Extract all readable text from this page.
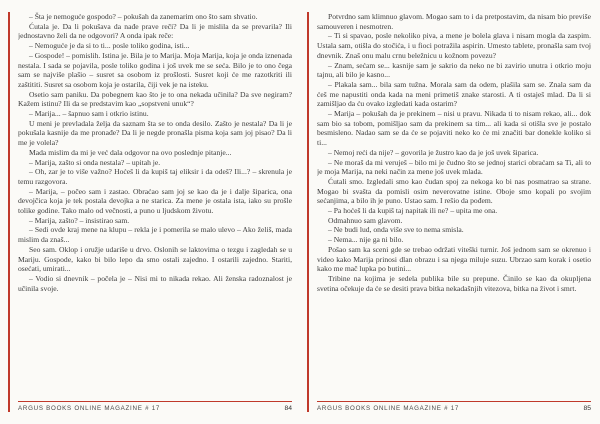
– Šta je nemoguće gospodo? – pokušah da zanemarim ono što sam shvatio.

Ćutala je. Da li pokušava da nađe prave reči? Da li je mislila da se prevarila? Ili jednostavno želi da ne odgovori? A onda ipak reče:

– Nemoguće je da si to ti... posle toliko godina, isti...

– Gospode! – pomislih. Istina je. Bila je to Marija. Moja Marija, koja je onda iznenada nestala. I sada se pojavila, posle toliko godina i još uvek me se seća. Bilo je to ono čega sam se najviše plašio – susret sa osobom iz prošlosti. Susret koji će me razotkriti ili zaštititi. Susret sa osobom koja je ostarila, čiji vek je na isteku.

Osetio sam paniku. Da pobegnem kao što je to ona nekada učinila? Da sve negiram? Kažem istinu? Ili da se predstavim kao „sopstveni unuk“?

– Marija... – šapnuo sam i otkrio istinu.

U meni je prevladala želja da saznam šta se to onda desilo. Zašto je nestala? Da li je pokušala kasnije da me pronađe? Da li je negde pronašla pisma koja sam joj pisao? Da li me je volela?

Mada mislim da mi je već dala odgovor na ovo poslednje pitanje...

– Marija, zašto si onda nestala? – upitah je.

– Oh, zar je to više važno? Hoćeš li da kupiš taj eliksir i da odeš? Ili...? – skrenula je temu razgovora.

– Marija, – počeo sam i zastao. Obraćao sam joj se kao da je i dalje šiparica, ona devojčica koja je tek postala devojka a ne starica. Za mene je ostala ista, iako su prošle tolike godine. Tako malo od večnosti, a puno u ljudskom životu.

– Marija, zašto? – insistirao sam.

– Sedi ovde kraj mene na klupu – rekla je i pomerila se malo ulevo – Ako želiš, mada mislim da znaš...

Seo sam. Oklop i oružje udariše u drvo. Oslonih se laktovima o tezgu i zagledah se u Mariju. Gospode, kako bi bilo lepo da smo ostali zajedno. I ostarili zajedno. Stariti, osećati, umirati...

– Vodio si dnevnik – počela je – Nisi mi to nikada rekao. Ali ženska radoznalost je učinila svoje.

ARGUS BOOKS ONLINE MAGAZINE # 17	84

Potvrdno sam klimnuo glavom. Mogao sam to i da pretpostavim, da nisam bio previše samouveren i nesmotren.

– Ti si spavao, posle nekoliko piva, a mene je bolela glava i nisam mogla da zaspim. Ustala sam, otišla do stočića, i u fioci potražila aspirin. Umesto tablete, pronašla sam tvoj dnevnik. Znaš onu malu crnu beležnicu u kožnom povezu?

– Znam, sećam se... kasnije sam je sakrio da neko ne bi zavirio unutra i otkrio moju tajnu, ali bilo je kasno...

– Plakala sam... bila sam tužna. Morala sam da odem, plašila sam se. Znala sam da ćeš me napustiti onda kada na meni primetiš znake starosti. A ti ostaješ mlad. Da li si zamišljao da ću ovako izgledati kada ostarim?

– Marija – pokušah da je prekinem – nisi u pravu. Nikada ti to nisam rekao, ali... dok sam bio sa tobom, pomišljao sam da prekinem sa tim... ali kada si otišla sve je postalo besmisleno. Nadao sam se da će se pojaviti neko ko će mi značiti bar donekle koliko si ti...

– Nemoj reći da nije? – govorila je žustro kao da je još uvek šiparica.

– Ne moraš da mi veruješ – bilo mi je čudno što se jednoj starici obraćam sa Ti, ali to je moja Marija, na neki način za mene još uvek mlada.

Ćutali smo. Izgledali smo kao čudan spoj za nekoga ko bi nas posmatrao sa strane. Mogao bi svašta da pomisli osim neverovatne istine. Oboje smo kopali po svojim sećanjima, a bilo ih je puno. Ustao sam. I rešio da pođem.

– Pa hoćeš li da kupiš taj napitak ili ne? – upita me ona.

Odmahnuo sam glavom.

– Ne budi lud, onda više sve to nema smisla.

– Nema... nije ga ni bilo.

Pošao sam ka sceni gde se trebao održati viteški turnir. Još jednom sam se okrenuo i video kako Marija prinosi dlan obrazu i sa njega miluje suzu. Ubrzao sam korak i osetio kako me mač lupka po butini...

Tribine na kojima je sedela publika bile su prepune. Činilo se kao da okupljena svetina očekuje da će se desiti prava bitka nekadašnjih vitezova, bitka na život i smrt.

ARGUS BOOKS ONLINE MAGAZINE # 17	85
